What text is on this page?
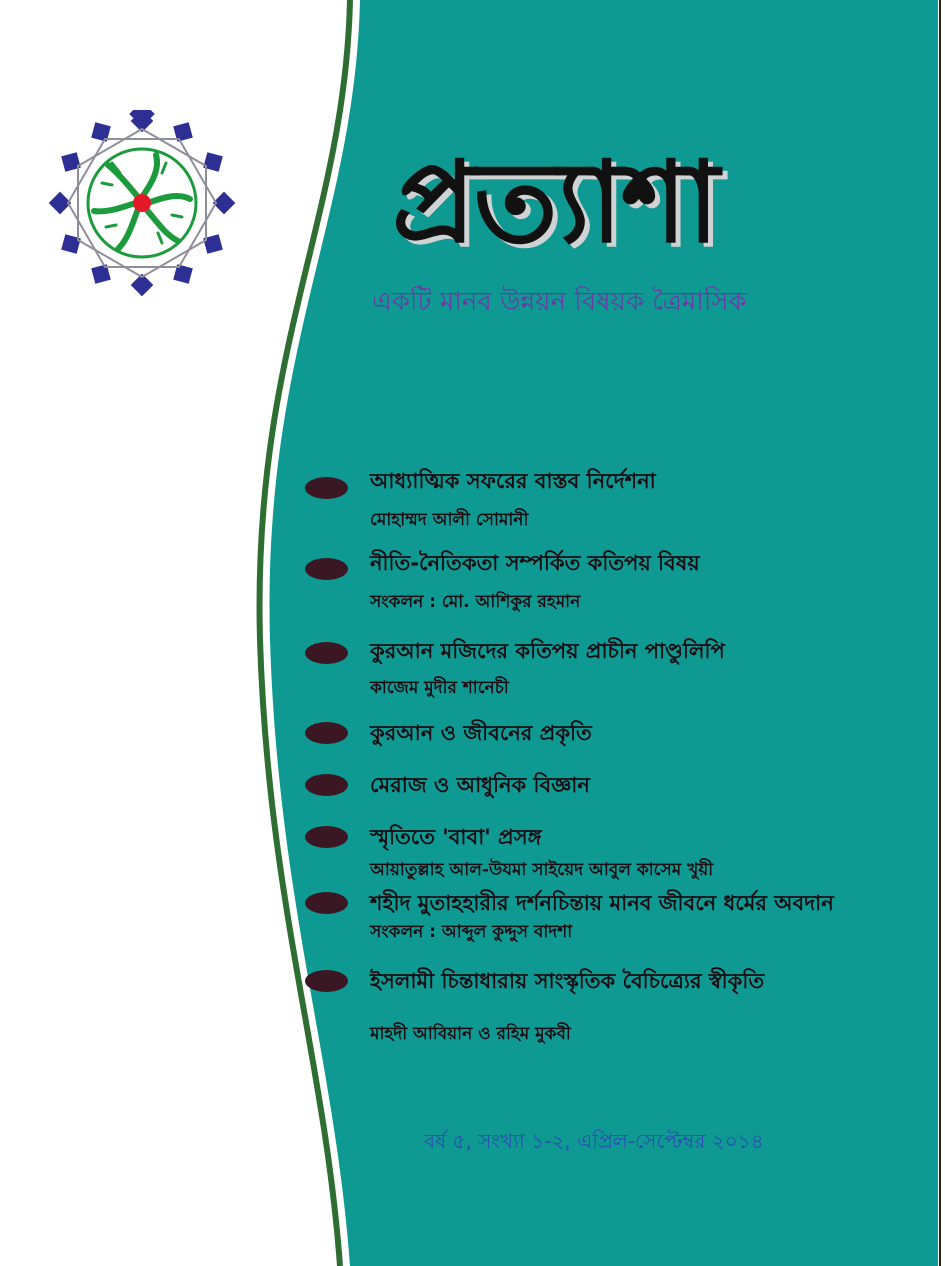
প্রত্যাশা
একটি মানব উন্নয়ন বিষয়ক ত্রৈমাসিক
আধ্যাত্মিক সফরের বাস্তব নির্দেশনা
মোহাম্মদ আলী সোমানী
নীতি-নৈতিকতা সম্পর্কিত কতিপয় বিষয়
সংকলন : মো. আশিকুর রহমান
কুরআন মজিদের কতিপয় প্রাচীন পাণ্ডুলিপি
কাজেম মুদীর শানেচী
কুরআন ও জীবনের প্রকৃতি
মেরাজ ও আধুনিক বিজ্ঞান
স্মৃতিতে 'বাবা' প্রসঙ্গ
আয়াতুল্লাহ আল-উযমা সাইয়েদ আবুল কাসেম খুয়ী
শহীদ মুতাহহারীর দর্শনচিন্তায় মানব জীবনে ধর্মের অবদান
সংকলন : আব্দুল কুদ্দুস বাদশা
ইসলামী চিন্তাধারায় সাংস্কৃতিক বৈচিত্র্যের স্বীকৃতি
মাহদী আবিয়ান ও রহিম মুকবী
বর্ষ ৫, সংখ্যা ১-২, এপ্রিল-সেপ্টেম্বর ২০১৪
